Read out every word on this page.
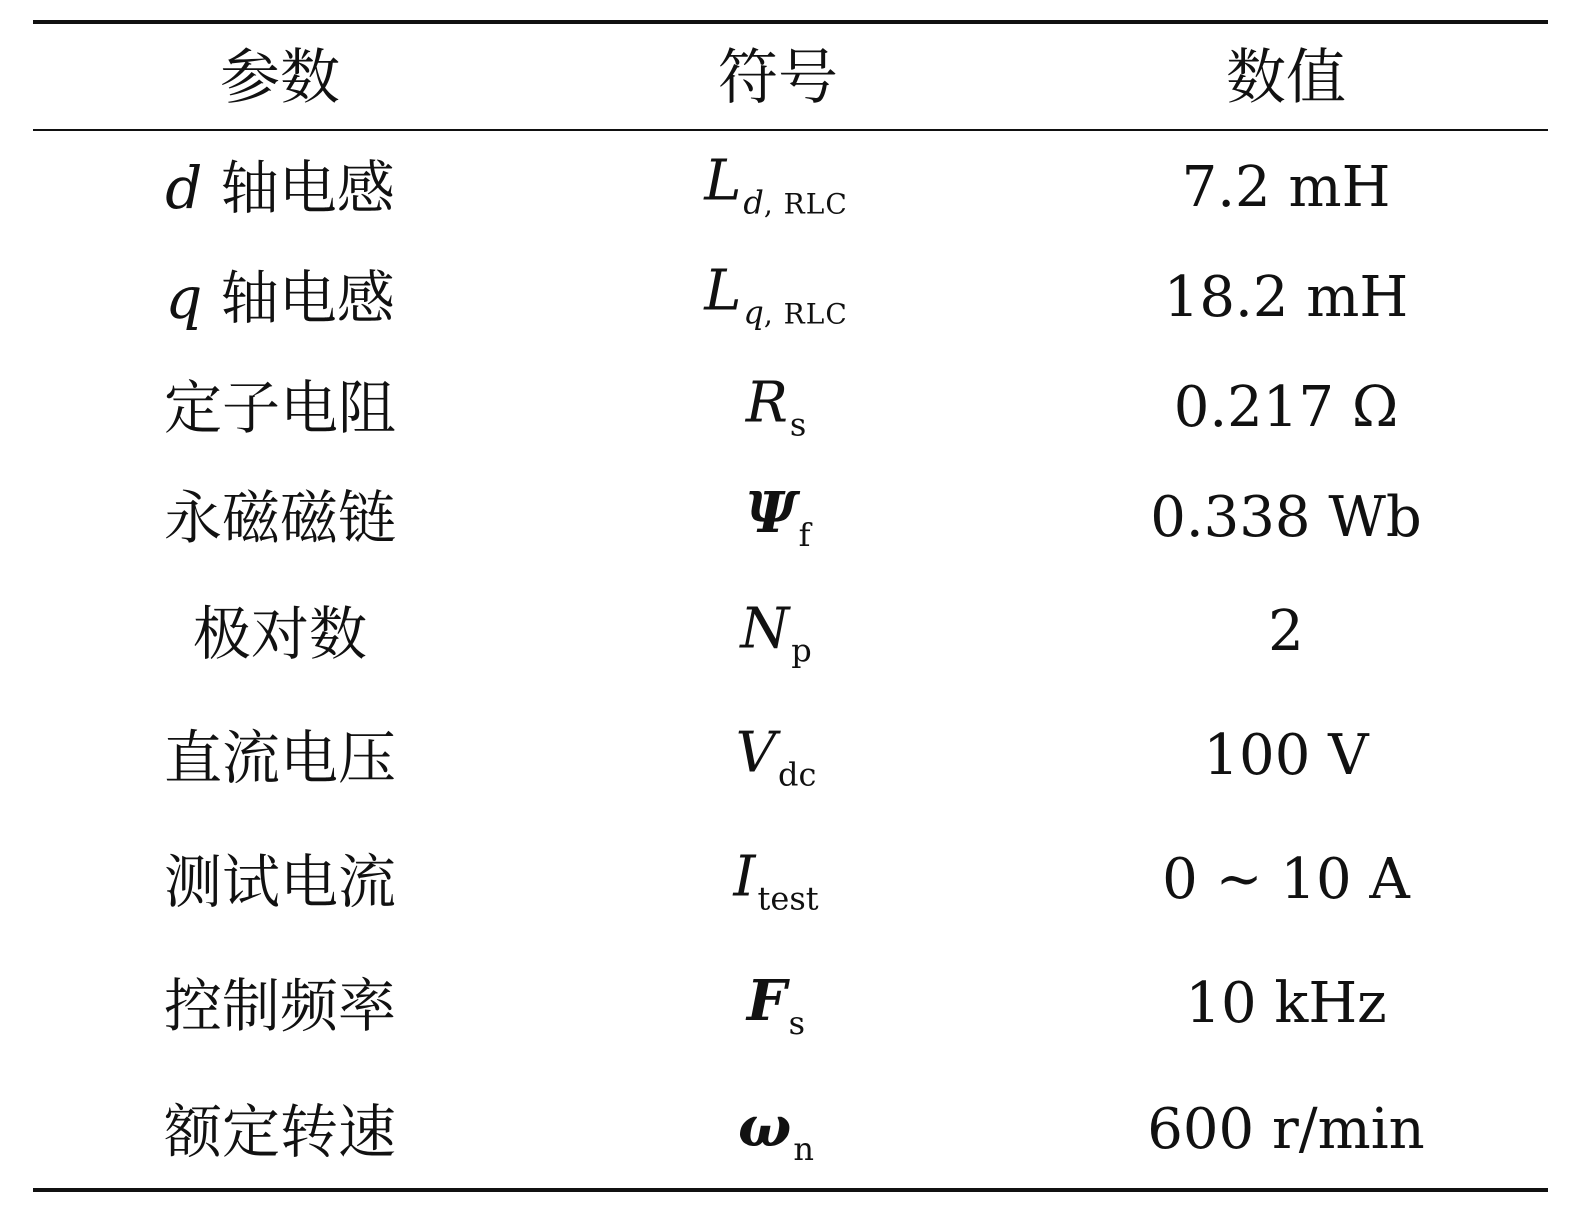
参数	符号	数值
d 轴电感	$L_{d, RLC}$	7.2 mH
q 轴电感	$L_{q, RLC}$	18.2 mH
定子电阻	$R_s$	0.217 Ω
永磁磁链	$\Psi_f$	0.338 Wb
极对数	$N_p$	2
直流电压	$V_{dc}$	100 V
测试电流	$I_{test}$	0 ~ 10 A
控制频率	$F_s$	10 kHz
额定转速	$\omega_n$	600 r/min
